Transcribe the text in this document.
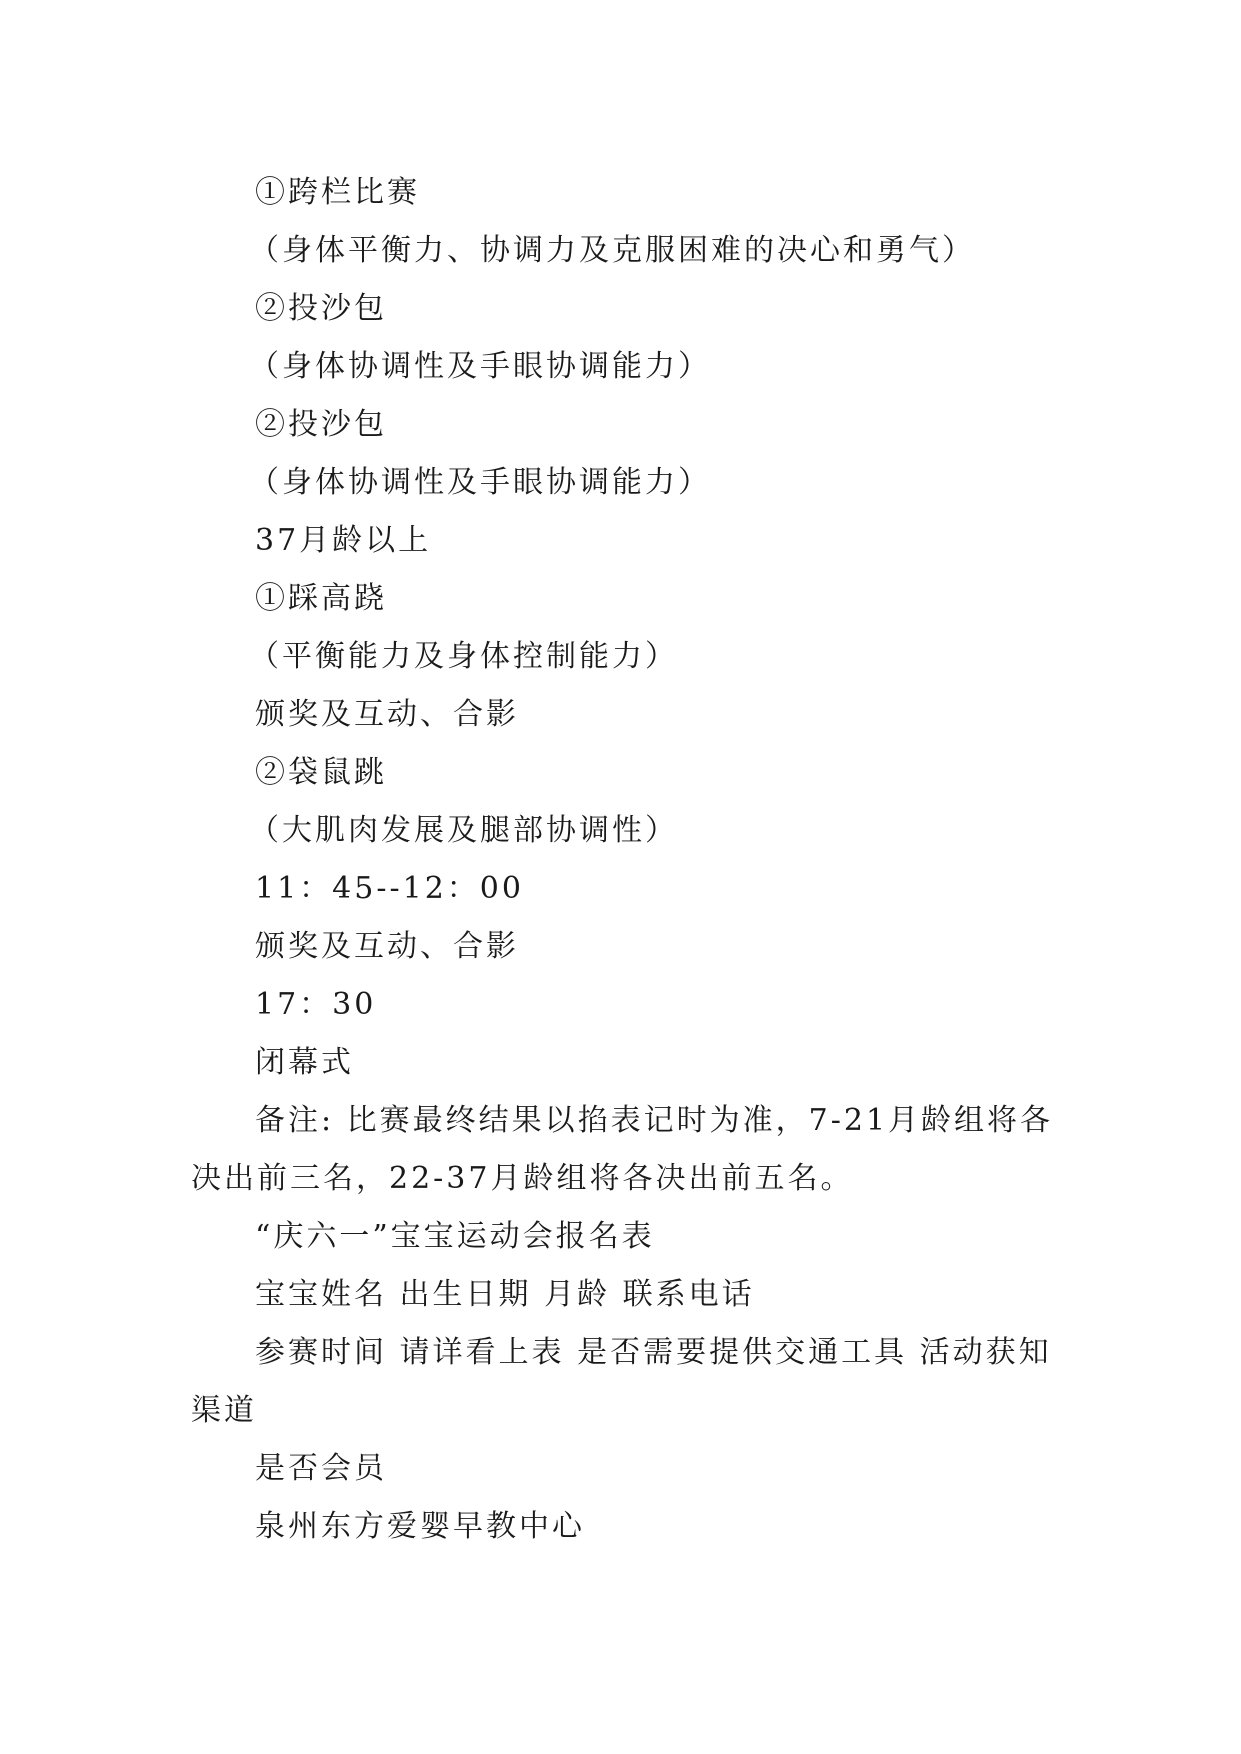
①跨栏比赛

（身体平衡力、协调力及克服困难的决心和勇气）

②投沙包

（身体协调性及手眼协调能力）

②投沙包

（身体协调性及手眼协调能力）

37月龄以上

①踩高跷

（平衡能力及身体控制能力）

颁奖及互动、合影

②袋鼠跳

（大肌肉发展及腿部协调性）

11：45--12：00

颁奖及互动、合影

17：30

闭幕式

备注: 比赛最终结果以掐表记时为准，7-21月龄组将各决出前三名，22-37月龄组将各决出前五名。

“庆六一”宝宝运动会报名表

宝宝姓名 出生日期 月龄 联系电话

参赛时间 请详看上表 是否需要提供交通工具 活动获知渠道

是否会员

泉州东方爱婴早教中心
